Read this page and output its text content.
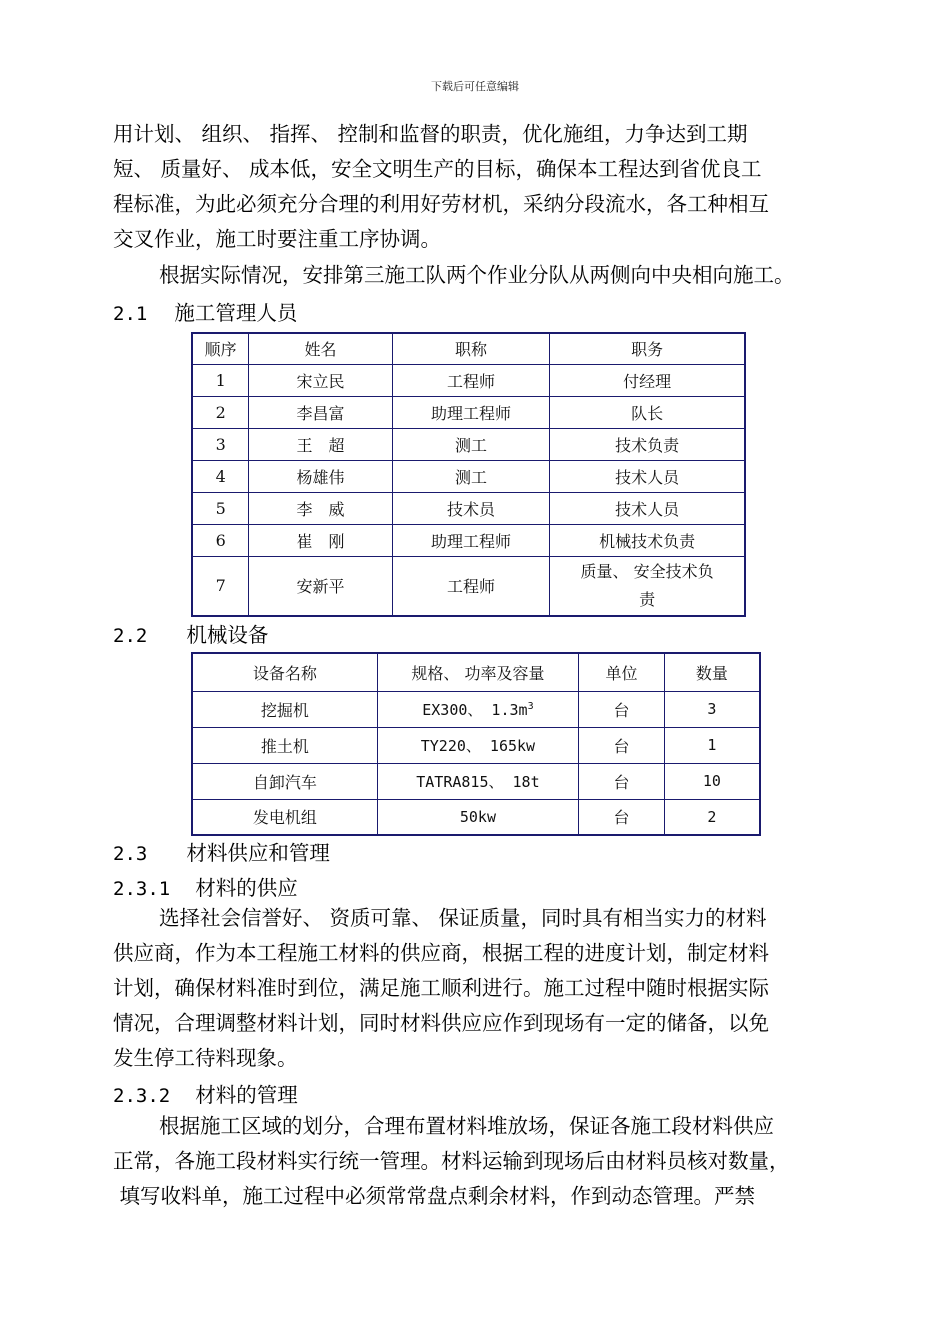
下载后可任意编辑
用计划、 组织、 指挥、 控制和监督的职责，优化施组，力争达到工期
短、 质量好、 成本低，安全文明生产的目标，确保本工程达到省优良工
程标准，为此必须充分合理的利用好劳材机，采纳分段流水，各工种相互
交叉作业，施工时要注重工序协调。
根据实际情况，安排第三施工队两个作业分队从两侧向中央相向施工。
2.1 施工管理人员
顺序	姓名	职称	职务
1	宋立民	工程师	付经理
2	李昌富	助理工程师	队长
3	王　超	测工	技术负责
4	杨雄伟	测工	技术人员
5	李　威	技术员	技术人员
6	崔　刚	助理工程师	机械技术负责
7	安新平	工程师	质量、 安全技术负
责
2.2 机械设备
设备名称	规格、 功率及容量	单位	数量
挖掘机	EX300、 $1.3m^3$	台	3
推土机	TY220、 165kw	台	1
自卸汽车	TATRA815、 18t	台	10
发电机组	50kw	台	2
2.3 材料供应和管理
2.3.1 材料的供应
选择社会信誉好、 资质可靠、 保证质量，同时具有相当实力的材料
供应商，作为本工程施工材料的供应商，根据工程的进度计划，制定材料
计划，确保材料准时到位，满足施工顺利进行。施工过程中随时根据实际
情况，合理调整材料计划，同时材料供应应作到现场有一定的储备，以免
发生停工待料现象。
2.3.2 材料的管理
根据施工区域的划分，合理布置材料堆放场，保证各施工段材料供应
正常，各施工段材料实行统一管理。材料运输到现场后由材料员核对数量，
填写收料单，施工过程中必须常常盘点剩余材料，作到动态管理。严禁
